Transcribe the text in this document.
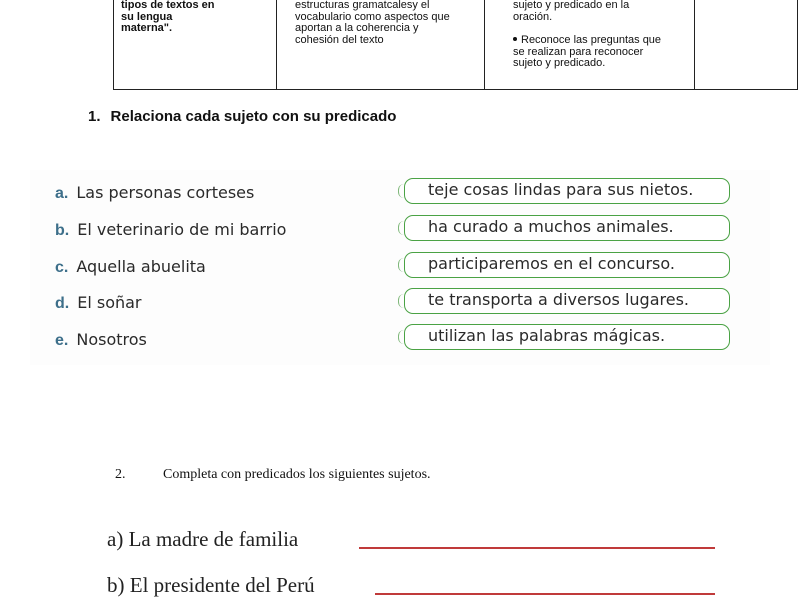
tipos de textos en
su lengua
materna".
estructuras gramatcalesy el
vocabulario como aspectos que
aportan a la coherencia y
cohesión del texto
sujeto y predicado en la
oración.
Reconoce las preguntas que
se realizan para reconocer
sujeto y predicado.
1. Relaciona cada sujeto con su predicado
a. Las personas corteses
b. El veterinario de mi barrio
c. Aquella abuelita
d. El soñar
e. Nosotros
teje cosas lindas para sus nietos.
ha curado a muchos animales.
participaremos en el concurso.
te transporta a diversos lugares.
utilizan las palabras mágicas.
2.	Completa con predicados los siguientes sujetos.
a) La madre de familia
b) El presidente del Perú
